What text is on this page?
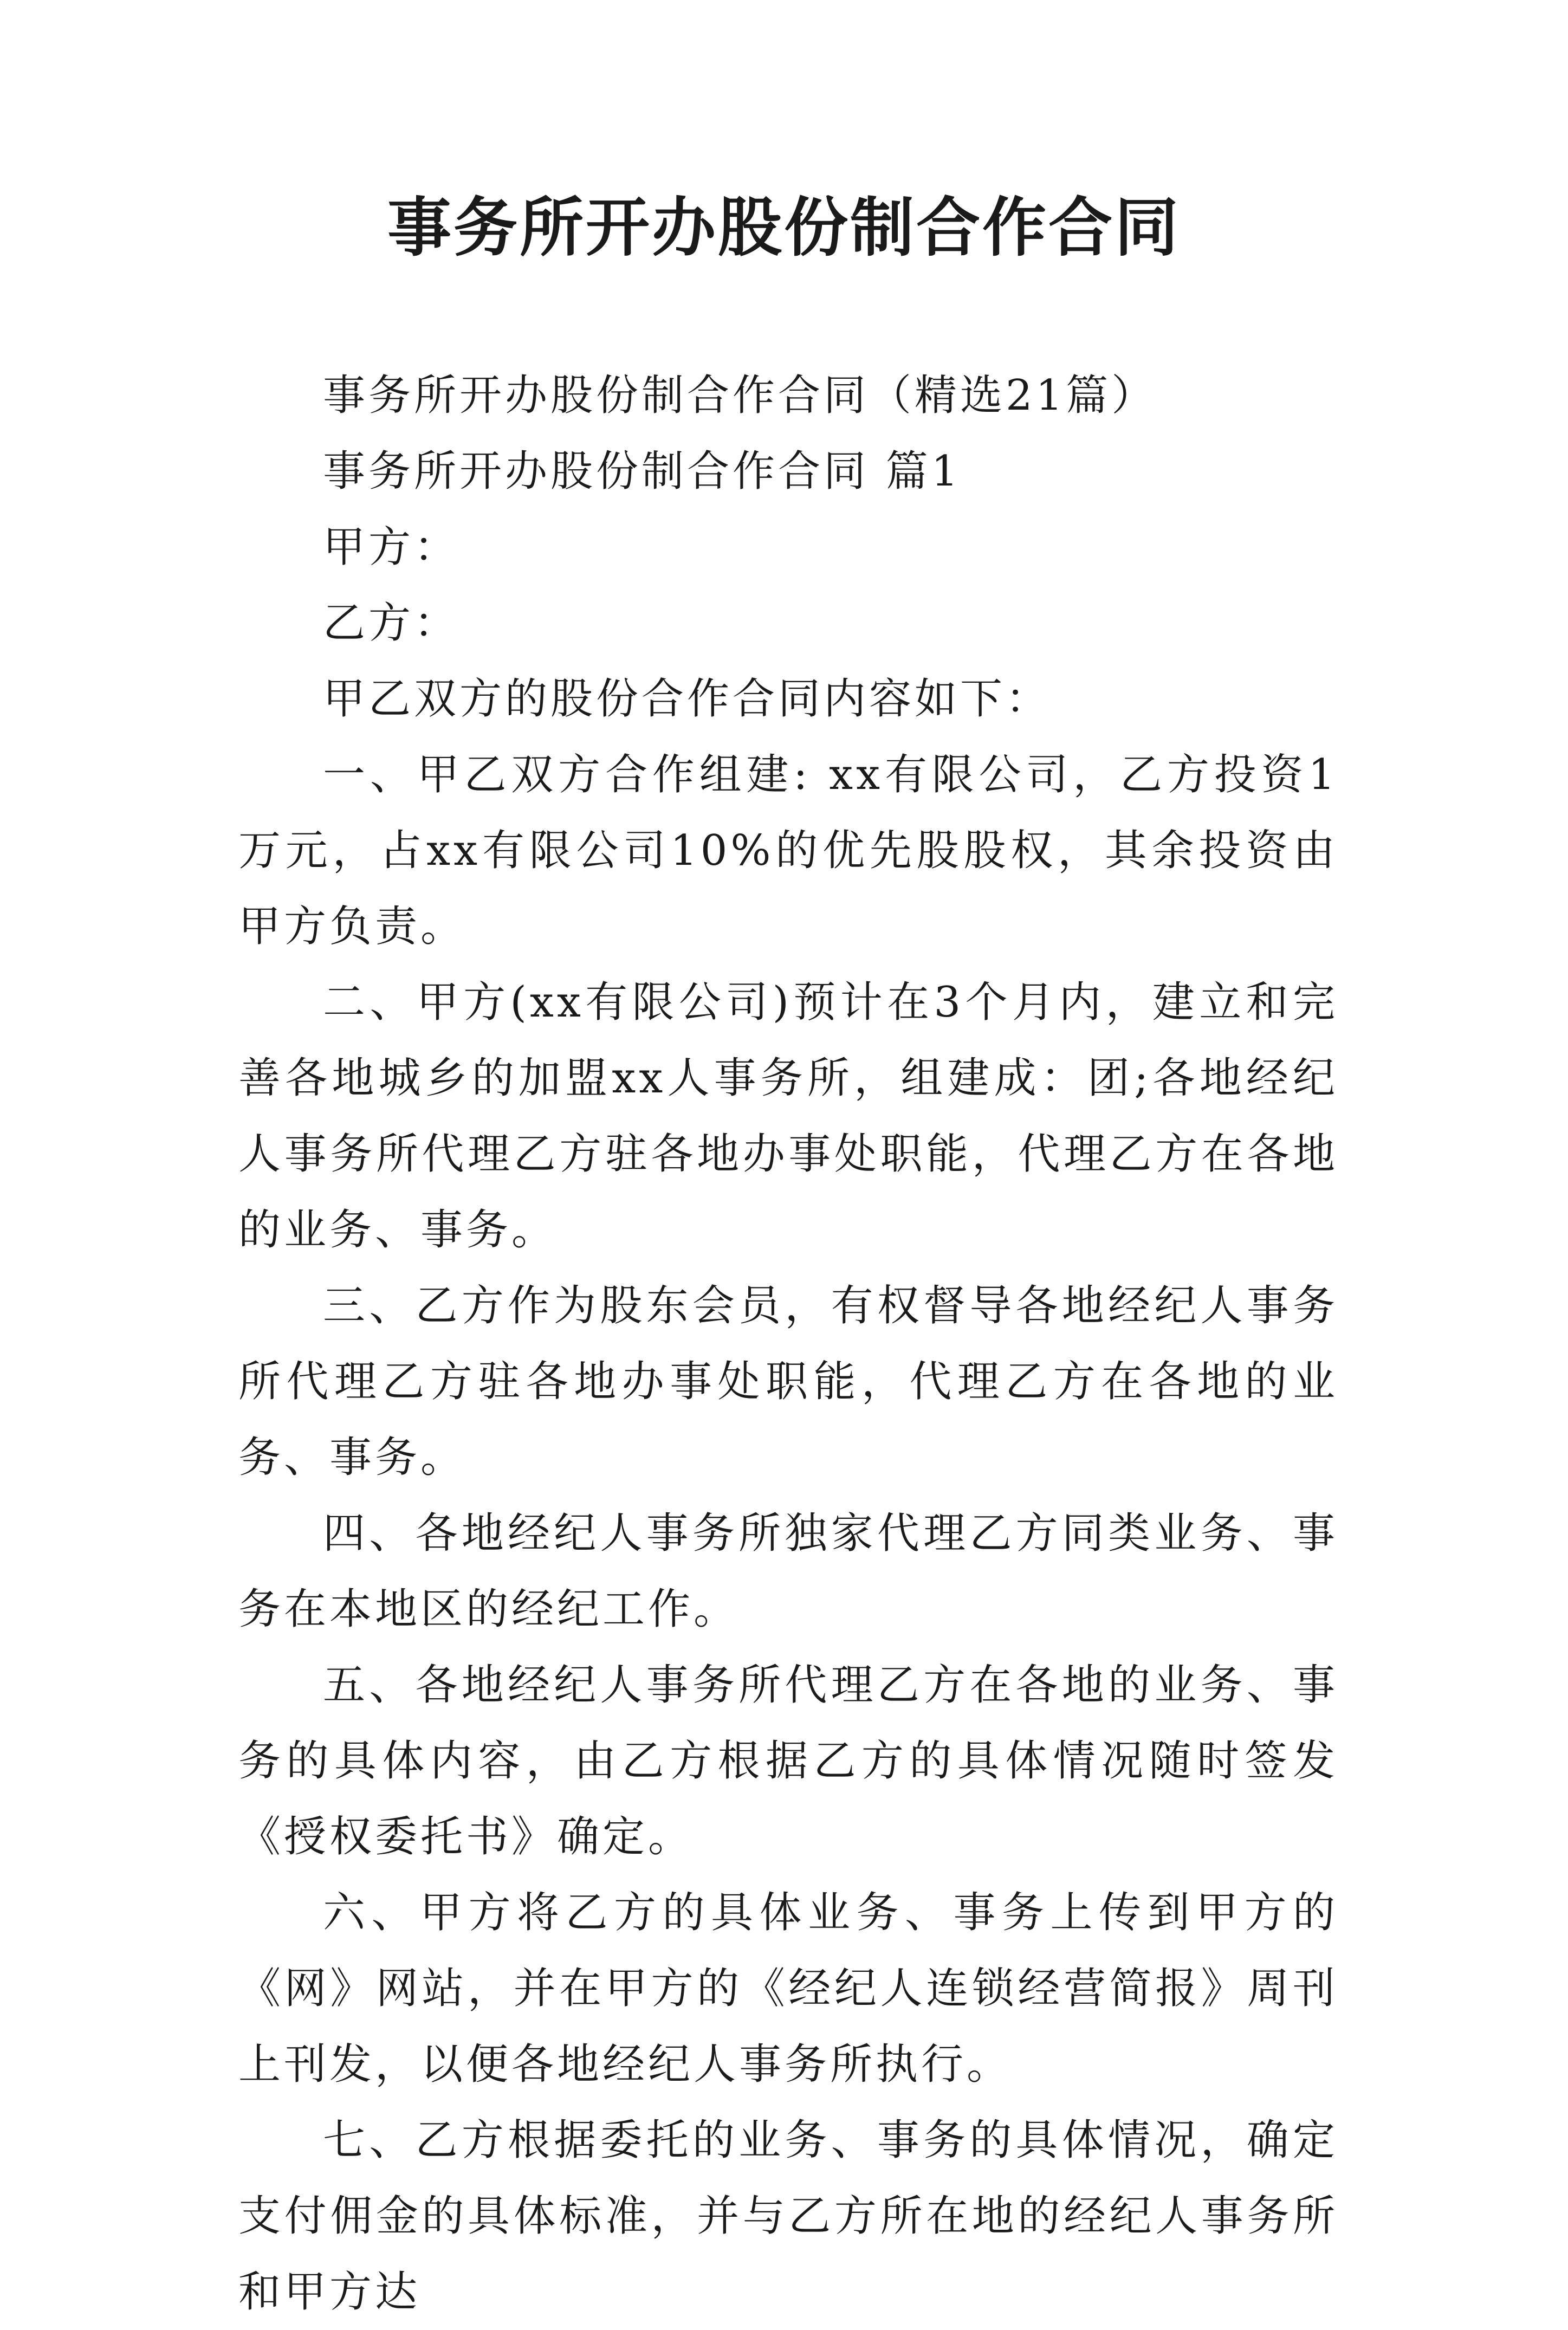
事务所开办股份制合作合同

事务所开办股份制合作合同（精选21篇）

事务所开办股份制合作合同 篇1

甲方：

乙方：

甲乙双方的股份合作合同内容如下：

一、甲乙双方合作组建: xx有限公司，乙方投资1万元，占xx有限公司10%的优先股股权，其余投资由甲方负责。

二、甲方(xx有限公司)预计在3个月内，建立和完善各地城乡的加盟xx人事务所，组建成：团;各地经纪人事务所代理乙方驻各地办事处职能，代理乙方在各地的业务、事务。

三、乙方作为股东会员，有权督导各地经纪人事务所代理乙方驻各地办事处职能，代理乙方在各地的业务、事务。

四、各地经纪人事务所独家代理乙方同类业务、事务在本地区的经纪工作。

五、各地经纪人事务所代理乙方在各地的业务、事务的具体内容，由乙方根据乙方的具体情况随时签发《授权委托书》确定。

六、甲方将乙方的具体业务、事务上传到甲方的《网》网站，并在甲方的《经纪人连锁经营简报》周刊上刊发，以便各地经纪人事务所执行。

七、乙方根据委托的业务、事务的具体情况，确定支付佣金的具体标准，并与乙方所在地的经纪人事务所和甲方达
